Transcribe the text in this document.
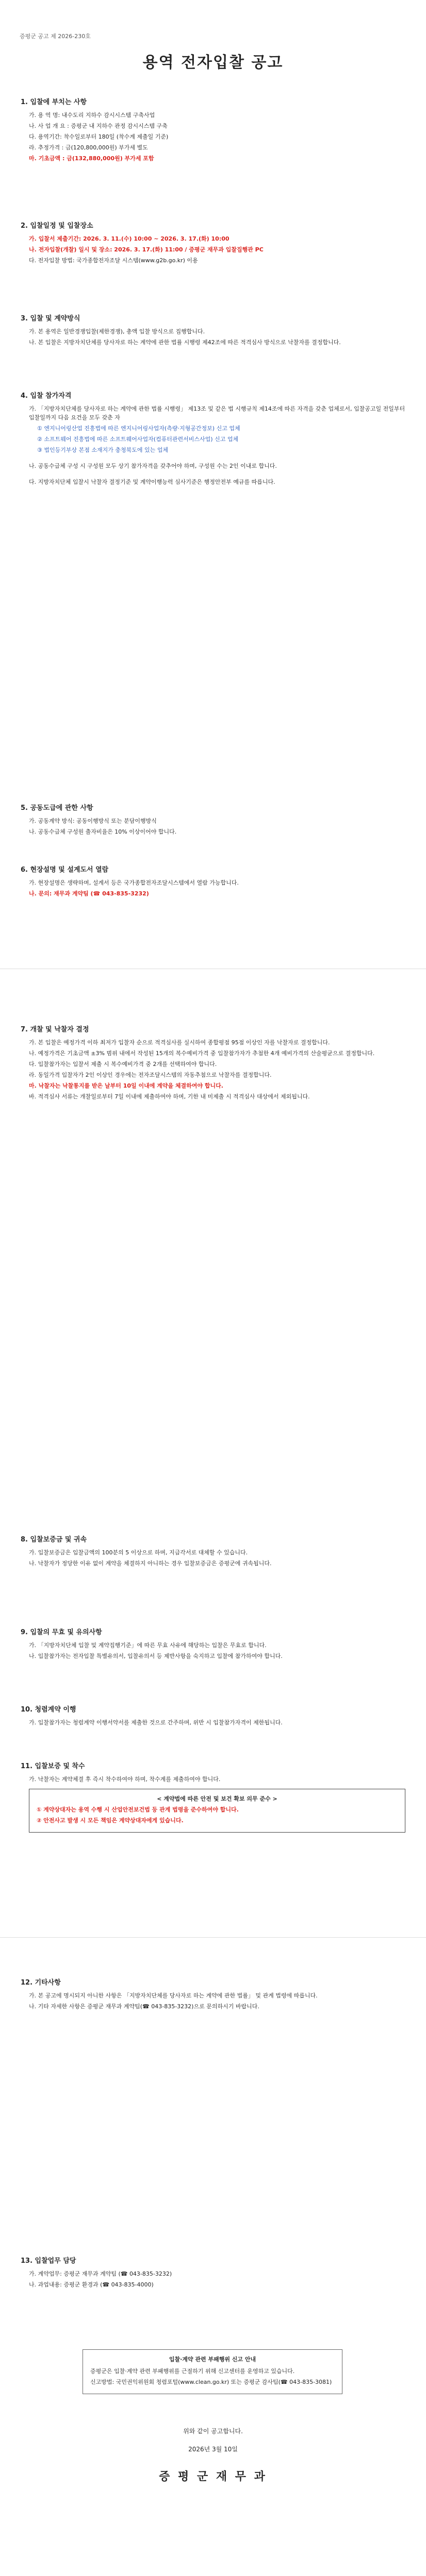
증평군 공고 제 2026-230호
용역 전자입찰 공고
1. 입찰에 부치는 사항
가. 용 역 명: 내수도리 지하수 감시시스템 구축사업
나. 사 업 개 요 : 증평군 내 지하수 관정 감시시스템 구축
다. 용역기간: 착수일로부터 180일 (착수계 제출일 기준)
라. 추정가격 : 금(120,800,000원) 부가세 별도
마. 기초금액 : 금(132,880,000원) 부가세 포함
2. 입찰일정 및 입찰장소
가. 입찰서 제출기간: 2026. 3. 11.(수) 10:00 ~ 2026. 3. 17.(화) 10:00
나. 전자입찰(개찰) 일시 및 장소: 2026. 3. 17.(화) 11:00 / 증평군 재무과 입찰집행관 PC
다. 전자입찰 방법: 국가종합전자조달 시스템(www.g2b.go.kr) 이용
3. 입찰 및 계약방식
가. 본 용역은 일반경쟁입찰(제한경쟁), 총액 입찰 방식으로 집행합니다.
나. 본 입찰은 지방자치단체를 당사자로 하는 계약에 관한 법률 시행령 제42조에 따른 적격심사 방식으로 낙찰자를 결정합니다.
4. 입찰 참가자격
가. 「지방자치단체를 당사자로 하는 계약에 관한 법률 시행령」 제13조 및 같은 법 시행규칙 제14조에 따른 자격을 갖춘 업체로서, 입찰공고일 전일부터 입찰일까지 다음 요건을 모두 갖춘 자
① 엔지니어링산업 진흥법에 따른 엔지니어링사업자(측량·지형공간정보) 신고 업체
② 소프트웨어 진흥법에 따른 소프트웨어사업자(컴퓨터관련서비스사업) 신고 업체
③ 법인등기부상 본점 소재지가 충청북도에 있는 업체
나. 공동수급체 구성 시 구성원 모두 상기 참가자격을 갖추어야 하며, 구성원 수는 2인 이내로 합니다.
다. 지방자치단체 입찰시 낙찰자 결정기준 및 계약이행능력 심사기준은 행정안전부 예규를 따릅니다.
5. 공동도급에 관한 사항
가. 공동계약 방식: 공동이행방식 또는 분담이행방식
나. 공동수급체 구성원 출자비율은 10% 이상이어야 합니다.
6. 현장설명 및 설계도서 열람
가. 현장설명은 생략하며, 설계서 등은 국가종합전자조달시스템에서 열람 가능합니다.
나. 문의: 재무과 계약팀 (☎ 043-835-3232)
7. 개찰 및 낙찰자 결정
가. 본 입찰은 예정가격 이하 최저가 입찰자 순으로 적격심사를 실시하여 종합평점 95점 이상인 자를 낙찰자로 결정합니다.
나. 예정가격은 기초금액 ±3% 범위 내에서 작성된 15개의 복수예비가격 중 입찰참가자가 추첨한 4개 예비가격의 산술평균으로 결정합니다.
다. 입찰참가자는 입찰서 제출 시 복수예비가격 중 2개를 선택하여야 합니다.
라. 동일가격 입찰자가 2인 이상인 경우에는 전자조달시스템의 자동추첨으로 낙찰자를 결정합니다.
마. 낙찰자는 낙찰통지를 받은 날부터 10일 이내에 계약을 체결하여야 합니다.
바. 적격심사 서류는 개찰일로부터 7일 이내에 제출하여야 하며, 기한 내 미제출 시 적격심사 대상에서 제외됩니다.
8. 입찰보증금 및 귀속
가. 입찰보증금은 입찰금액의 100분의 5 이상으로 하며, 지급각서로 대체할 수 있습니다.
나. 낙찰자가 정당한 이유 없이 계약을 체결하지 아니하는 경우 입찰보증금은 증평군에 귀속됩니다.
9. 입찰의 무효 및 유의사항
가. 「지방자치단체 입찰 및 계약집행기준」에 따른 무효 사유에 해당하는 입찰은 무효로 합니다.
나. 입찰참가자는 전자입찰 특별유의서, 입찰유의서 등 제반사항을 숙지하고 입찰에 참가하여야 합니다.
10. 청렴계약 이행
가. 입찰참가자는 청렴계약 이행서약서를 제출한 것으로 간주하며, 위반 시 입찰참가자격이 제한됩니다.
11. 입찰보증 및 착수
가. 낙찰자는 계약체결 후 즉시 착수하여야 하며, 착수계를 제출하여야 합니다.
< 계약법에 따른 안전 및 보건 확보 의무 준수 >
① 계약상대자는 용역 수행 시 산업안전보건법 등 관계 법령을 준수하여야 합니다.
② 안전사고 발생 시 모든 책임은 계약상대자에게 있습니다.
12. 기타사항
가. 본 공고에 명시되지 아니한 사항은 「지방자치단체를 당사자로 하는 계약에 관한 법률」 및 관계 법령에 따릅니다.
나. 기타 자세한 사항은 증평군 재무과 계약팀(☎ 043-835-3232)으로 문의하시기 바랍니다.
13. 입찰업무 담당
가. 계약업무: 증평군 재무과 계약팀 (☎ 043-835-3232)
나. 과업내용: 증평군 환경과 (☎ 043-835-4000)
입찰·계약 관련 부패행위 신고 안내
증평군은 입찰·계약 관련 부패행위를 근절하기 위해 신고센터를 운영하고 있습니다.
신고방법: 국민권익위원회 청렴포털(www.clean.go.kr) 또는 증평군 감사팀(☎ 043-835-3081)
위와 같이 공고합니다.
2026년 3월 10일
증 평 군 재 무 과
